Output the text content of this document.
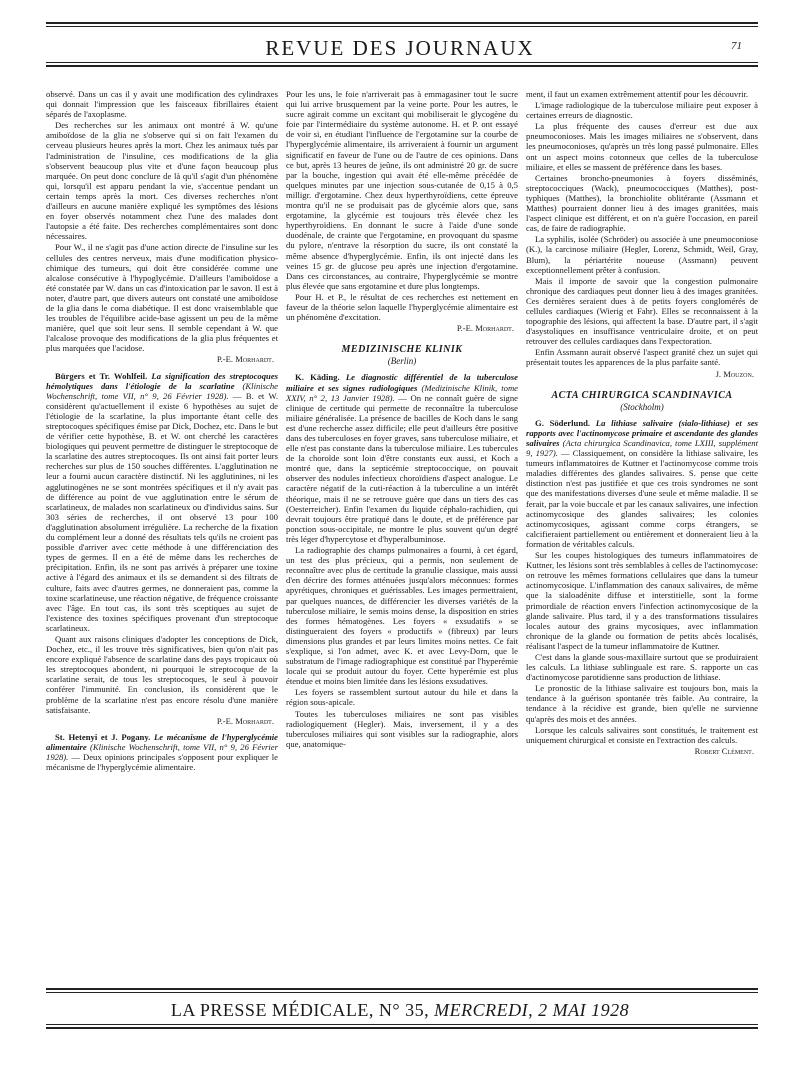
REVUE DES JOURNAUX	71

observé. Dans un cas il y avait une modification des cylindraxes qui donnait l'impression que les faisceaux fibrillaires étaient séparés de l'axoplasme.

Des recherches sur les animaux ont montré à W. qu'une amiboïdose de la glia ne s'observe qui si on fait l'examen du cerveau plusieurs heures après la mort. Chez les animaux tués par l'administration de l'insuline, ces modifications de la glia s'observent beaucoup plus vite et d'une façon beaucoup plus marquée. On peut donc conclure de là qu'il s'agit d'un phénomène qui, lorsqu'il est apparu pendant la vie, s'accentue pendant un certain temps après la mort. Ces diverses recherches n'ont d'ailleurs en aucune manière expliqué les symptômes des lésions en foyer observés notamment chez l'une des malades dont l'autopsie a été faite. Des recherches complémentaires sont donc nécessaires.

Pour W., il ne s'agit pas d'une action directe de l'insuline sur les cellules des centres nerveux, mais d'une modification physico-chimique des tumeurs, qui doit être considérée comme une alcalose consécutive à l'hypoglycémie. D'ailleurs l'amiboïdose a été constatée par W. dans un cas d'intoxication par le savon. Il est à noter, d'autre part, que divers auteurs ont constaté une amiboïdose de la glia dans le coma diabétique. Il est donc vraisemblable que les troubles de l'équilibre acide-base agissent un peu de la même manière, quel que soit leur sens. Il semble cependant à W. que l'alcalose provoque des modifications de la glia plus fréquentes et plus marquées que l'acidose.

P.-E. Morhardt.

Bürgers et Tr. Wohlfeil. La signification des streptocoques hémolytiques dans l'étiologie de la scarlatine (Klinische Wochenschrift, tome VII, n° 9, 26 Février 1928). — B. et W. considèrent qu'actuellement il existe 6 hypothèses au sujet de l'étiologie de la scarlatine, la plus importante étant celle des streptocoques spécifiques émise par Dick, Dochez, etc. Dans le but de vérifier cette hypothèse, B. et W. ont cherché les caractères biologiques qui peuvent permettre de distinguer le streptocoque de la scarlatine des autres streptocoques. Ils ont ainsi fait porter leurs recherches sur plus de 150 souches différentes. L'agglutination ne leur a fourni aucun caractère distinctif. Ni les agglutinines, ni les agglutinogènes ne se sont montrées spécifiques et il n'y avait pas de différence au point de vue agglutination entre le sérum de scarlatineux, de malades non scarlatineux ou d'individus sains. Sur 303 séries de recherches, il ont observé 13 pour 100 d'agglutination absolument irrégulière. La recherche de la fixation du complément leur a donné des résultats tels qu'ils ne croient pas possible d'arriver avec cette méthode à une différenciation des types de germes. Il en a été de même dans les recherches de précipitation. Enfin, ils ne sont pas arrivés à préparer une toxine active à l'égard des animaux et ils se demandent si des filtrats de culture, faits avec d'autres germes, ne donneraient pas, comme la toxine scarlatineuse, une réaction négative, de fréquence croissante avec l'âge. En tout cas, ils sont très sceptiques au sujet de l'existence des toxines spécifiques provenant d'un streptocoque scarlatineux.

Quant aux raisons cliniques d'adopter les conceptions de Dick, Dochez, etc., il les trouve très significatives, bien qu'on n'ait pas encore expliqué l'absence de scarlatine dans des pays tropicaux où les streptocoques abondent, ni pourquoi le streptocoque de la scarlatine serait, de tous les streptocoques, le seul à pouvoir conférer l'immunité. En conclusion, ils considèrent que le problème de la scarlatine n'est pas encore résolu d'une manière satisfaisante.

P.-E. Morhardt.

St. Hetenyi et J. Pogany. Le mécanisme de l'hyperglycémie alimentaire (Klinische Wochenschrift, tome VII, n° 9, 26 Février 1928). — Deux opinions principales s'opposent pour expliquer le mécanisme de l'hyperglycémie alimentaire.

Pour les uns, le foie n'arriverait pas à emmagasiner tout le sucre qui lui arrive brusquement par la veine porte. Pour les autres, le sucre agirait comme un excitant qui mobiliserait le glycogène du foie par l'intermédiaire du système autonome. H. et P. ont essayé de voir si, en étudiant l'influence de l'ergotamine sur la courbe de l'hyperglycémie alimentaire, ils arriveraient à fournir un argument significatif en faveur de l'une ou de l'autre de ces opinions. Dans ce but, après 13 heures de jeûne, ils ont administré 20 gr. de sucre par la bouche, ingestion qui avait été elle-même précédée de quelques minutes par une injection sous-cutanée de 0,15 à 0,5 milligr. d'ergotamine. Chez deux hyperthyroïdiens, cette épreuve montra qu'il ne se produisait pas de glycémie alors que, sans ergotamine, la glycémie est toujours très élevée chez les hyperthyroïdiens. En donnant le sucre à l'aide d'une sonde duodénale, de crainte que l'ergotamine, en provoquant du spasme du pylore, n'entrave la résorption du sucre, ils ont constaté la même absence d'hyperglycémie. Enfin, ils ont injecté dans les veines 15 gr. de glucose peu après une injection d'ergotamine. Dans ces circonstances, au contraire, l'hyperglycémie se montre plus élevée que sans ergotamine et dure plus longtemps.

Pour H. et P., le résultat de ces recherches est nettement en faveur de la théorie selon laquelle l'hyperglycémie alimentaire est un phénomène d'excitation.

P.-E. Morhardt.
MEDIZINISCHE KLINIK
(Berlin)

K. Käding. Le diagnostic différentiel de la tuberculose miliaire et ses signes radiologiques (Medizinische Klinik, tome XXIV, n° 2, 13 Janvier 1928). — On ne connaît guère de signe clinique de certitude qui permette de reconnaître la tuberculose miliaire généralisée. La présence de bacilles de Koch dans le sang est d'une recherche assez difficile; elle peut d'ailleurs être positive dans des tuberculoses en foyer graves, sans tuberculose miliaire, et elle n'est pas constante dans la tuberculose miliaire. Les tubercules de la choroïde sont loin d'être constants eux aussi, et Koch a montré que, dans la septicémie streptococcique, on pouvait observer des nodules infectieux choroïdiens d'aspect analogue. Le caractère négatif de la cuti-réaction à la tuberculine a un intérêt théorique, mais il ne se retrouve guère que dans un tiers des cas (Oesterreicher). Enfin l'examen du liquide céphalo-rachidien, qui devrait toujours être pratiqué dans le doute, et de préférence par ponction sous-occipitale, ne montre le plus souvent qu'un degré très léger d'hypercytose et d'hyperalbuminose.

La radiographie des champs pulmonaires a fourni, à cet égard, un test des plus précieux, qui a permis, non seulement de reconnaître avec plus de certitude la granulie classique, mais aussi d'en décrire des formes atténuées jusqu'alors méconnues: formes apyrétiques, chroniques et guérissables. Les images permettraient, par quelques nuances, de différencier les diverses variétés de la tuberculose miliaire, le semis moins dense, la disposition en stries des formes hématogènes. Les foyers « exsudatifs » se distingueraient des foyers « productifs » (fibreux) par leurs dimensions plus grandes et par leurs limites moins nettes. Ce fait s'explique, si l'on admet, avec K. et avec Levy-Dorn, que le substratum de l'image radiographique est constitué par l'hyperémie locale qui se produit autour du foyer. Cette hyperémie est plus étendue et moins bien limitée dans les lésions exsudatives.

Les foyers se rassemblent surtout autour du hile et dans la région sous-apicale.

Toutes les tuberculoses miliaires ne sont pas visibles radiologiquement (Hegler). Mais, inversement, il y a des tuberculoses miliaires qui sont visibles sur la radiographie, alors que, anatomique-

ment, il faut un examen extrêmement attentif pour les découvrir.

L'image radiologique de la tuberculose miliaire peut exposer à certaines erreurs de diagnostic.

La plus fréquente des causes d'erreur est due aux pneumoconioses. Mais les images miliaires ne s'observent, dans les pneumoconioses, qu'après un très long passé pulmonaire. Elles ont un aspect moins cotonneux que celles de la tuberculose miliaire, et elles se massent de préférence dans les bases.

Certaines broncho-pneumonies à foyers disséminés, streptococciques (Wack), pneumococciques (Matthes), post-typhiques (Matthes), la bronchiolite oblitérante (Assmann et Matthes) pourraient donner lieu à des images granitées, mais l'aspect clinique est différent, et on n'a guère l'occasion, en pareil cas, de faire de radiographie.

La syphilis, isolée (Schröder) ou associée à une pneumoconiose (K.), la carcinose miliaire (Hegler, Lorenz, Schmidt, Weil, Gray, Blum), la périartérite noueuse (Assmann) peuvent exceptionnellement prêter à confusion.

Mais il importe de savoir que la congestion pulmonaire chronique des cardiaques peut donner lieu à des images granitées. Ces dernières seraient dues à de petits foyers conglomérés de cellules cardiaques (Wierig et Fahr). Elles se reconnaissent à la topographie des lésions, qui affectent la base. D'autre part, il s'agit d'asystoliques en insuffisance ventriculaire droite, et on peut retrouver des cellules cardiaques dans l'expectoration.

Enfin Assmann aurait observé l'aspect granité chez un sujet qui présentait toutes les apparences de la plus parfaite santé.

J. Mouzon.
ACTA CHIRURGICA SCANDINAVICA
(Stockholm)

G. Söderlund. La lithiase salivaire (sialo-lithiase) et ses rapports avec l'actinomycose primaire et ascendante des glandes salivaires (Acta chirurgica Scandinavica, tome LXIII, supplément 9, 1927). — Classiquement, on considère la lithiase salivaire, les tumeurs inflammatoires de Kuttner et l'actinomycose comme trois maladies différentes des glandes salivaires. S. pense que cette distinction n'est pas justifiée et que ces trois syndromes ne sont que des manifestations diverses d'une seule et même maladie. Il se ferait, par la voie buccale et par les canaux salivaires, une infection actinomycosique des glandes salivaires; les colonies actinomycosiques, agissant comme corps étrangers, se calcifieraient partiellement ou entièrement et donneraient lieu à la formation de véritables calculs.

Sur les coupes histologiques des tumeurs inflammatoires de Kuttner, les lésions sont très semblables à celles de l'actinomycose: on retrouve les mêmes formations cellulaires que dans la tumeur actinomycosique. L'inflammation des canaux salivaires, de même que la sialoadénite diffuse et interstitielle, sont la forme primordiale de réaction envers l'infection actinomycosique de la glande salivaire. Plus tard, il y a des transformations tissulaires locales autour des grains mycosiques, avec inflammation chronique de la glande ou formation de petits abcès localisés, réalisant l'aspect de la tumeur inflammatoire de Kuttner.

C'est dans la glande sous-maxillaire surtout que se produiraient les calculs. La lithiase sublinguale est rare. S. rapporte un cas d'actinomycose parotidienne sans production de lithiase.

Le pronostic de la lithiase salivaire est toujours bon, mais la tendance à la guérison spontanée très faible. Au contraire, la tendance à la récidive est grande, bien qu'elle ne survienne qu'après des mois et des années.

Lorsque les calculs salivaires sont constitués, le traitement est uniquement chirurgical et consiste en l'extraction des calculs.

Robert Clément.
LA PRESSE MÉDICALE, N° 35, MERCREDI, 2 MAI 1928
